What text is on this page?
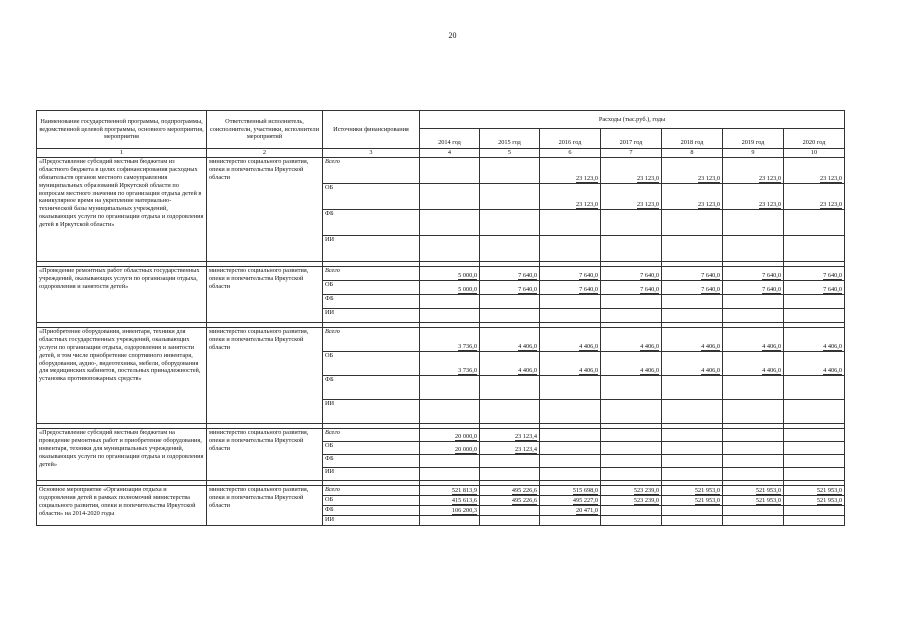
20
Наименование государственной программы, подпрограммы, ведомственной целевой программы, основного мероприятия, мероприятия	Ответственный исполнитель, соисполнители, участники, исполнители мероприятий	Источники финансирования	Расходы (тыс.руб.), годы						
			2014 год	2015 год	2016 год	2017 год	2018 год	2019 год	2020 год
1	2	3	4	5	6	7	8	9	10
«Предоставление субсидий местным бюджетам из областного бюджета в целях софинансирования расходных обязательств органов местного самоуправления муниципальных образований Иркутской области по вопросам местного значения по организации отдыха детей в каникулярное время на укрепление материально-технической базы муниципальных учреждений, оказывающих услуги по организации отдыха и оздоровления детей в Иркутской области»	министерство социального развития, опеки и попечительства Иркутской области	Всего			23 123,0	23 123,0	23 123,0	23 123,0	23 123,0
		ОБ			23 123,0	23 123,0	23 123,0	23 123,0	23 123,0
		ФБ							
		ИИ							

«Проведение ремонтных работ областных государственных учреждений, оказывающих услуги по организации отдыха, оздоровления и занятости детей»	министерство социального развития, опеки и попечительства Иркутской области	Всего	5 000,0	7 640,0	7 640,0	7 640,0	7 640,0	7 640,0	7 640,0
		ОБ	5 000,0	7 640,0	7 640,0	7 640,0	7 640,0	7 640,0	7 640,0
		ФБ							
		ИИ							

«Приобретение оборудования, инвентаря, техники для областных государственных учреждений, оказывающих услуги по организации отдыха, оздоровления и занятости детей, в том числе приобретение спортивного инвентаря, оборудования, аудио-, видеотехника, мебели, оборудования для медицинских кабинетов, постельных принадлежностей, установка противопожарных средств»	министерство социального развития, опеки и попечительства Иркутской области	Всего	3 736,0	4 406,0	4 406,0	4 406,0	4 406,0	4 406,0	4 406,0
		ОБ	3 736,0	4 406,0	4 406,0	4 406,0	4 406,0	4 406,0	4 406,0
		ФБ							
		ИИ							

«Предоставление субсидий местным бюджетам на проведение ремонтных работ и приобретение оборудования, инвентаря, техники для муниципальных учреждений, оказывающих услуги по организации отдыха и оздоровления детей»	министерство социального развития, опеки и попечительства Иркутской области	Всего	20 000,0	23 123,4					
		ОБ	20 000,0	23 123,4					
		ФБ							
		ИИ							

Основное мероприятие «Организация отдыха и оздоровления детей в рамках полномочий министерства социального развития, опеки и попечительства Иркутской области» на 2014-2020 годы	министерство социального развития, опеки и попечительства Иркутской области	Всего	521 813,9	495 226,6	515 698,0	523 239,0	521 953,0	521 953,0	521 953,0
		ОБ	415 613,6	495 226,6	495 227,0	523 239,0	521 953,0	521 953,0	521 953,0
		ФБ	106 200,3		20 471,0				
		ИИ							
